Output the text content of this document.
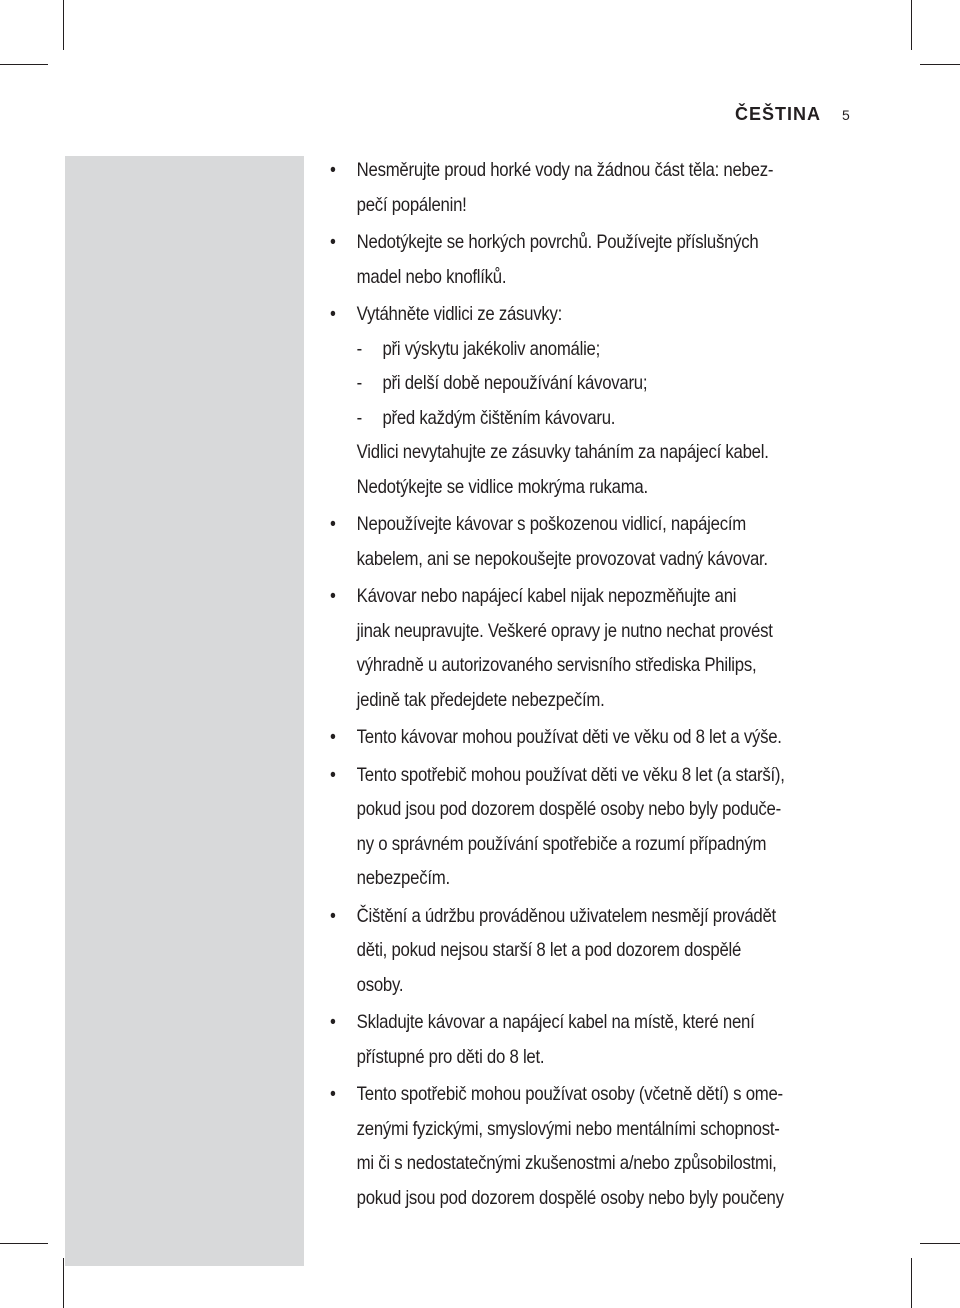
ČEŠTINA 5
• Nesměrujte proud horké vody na žádnou část těla: nebez-
pečí popálenin!
• Nedotýkejte se horkých povrchů. Používejte příslušných
madel nebo knoflíků.
• Vytáhněte vidlici ze zásuvky:
- při výskytu jakékoliv anomálie;
- při delší době nepoužívání kávovaru;
- před každým čištěním kávovaru.
Vidlici nevytahujte ze zásuvky taháním za napájecí kabel.
Nedotýkejte se vidlice mokrýma rukama.
• Nepoužívejte kávovar s poškozenou vidlicí, napájecím
kabelem, ani se nepokoušejte provozovat vadný kávovar.
• Kávovar nebo napájecí kabel nijak nepozměňujte ani
jinak neupravujte. Veškeré opravy je nutno nechat provést
výhradně u autorizovaného servisního střediska Philips,
jedině tak předejdete nebezpečím.
• Tento kávovar mohou používat děti ve věku od 8 let a výše.
• Tento spotřebič mohou používat děti ve věku 8 let (a starší),
pokud jsou pod dozorem dospělé osoby nebo byly poduče-
ny o správném používání spotřebiče a rozumí případným
nebezpečím.
• Čištění a údržbu prováděnou uživatelem nesmějí provádět
děti, pokud nejsou starší 8 let a pod dozorem dospělé
osoby.
• Skladujte kávovar a napájecí kabel na místě, které není
přístupné pro děti do 8 let.
• Tento spotřebič mohou používat osoby (včetně dětí) s ome-
zenými fyzickými, smyslovými nebo mentálními schopnost-
mi či s nedostatečnými zkušenostmi a/nebo způsobilostmi,
pokud jsou pod dozorem dospělé osoby nebo byly poučeny
